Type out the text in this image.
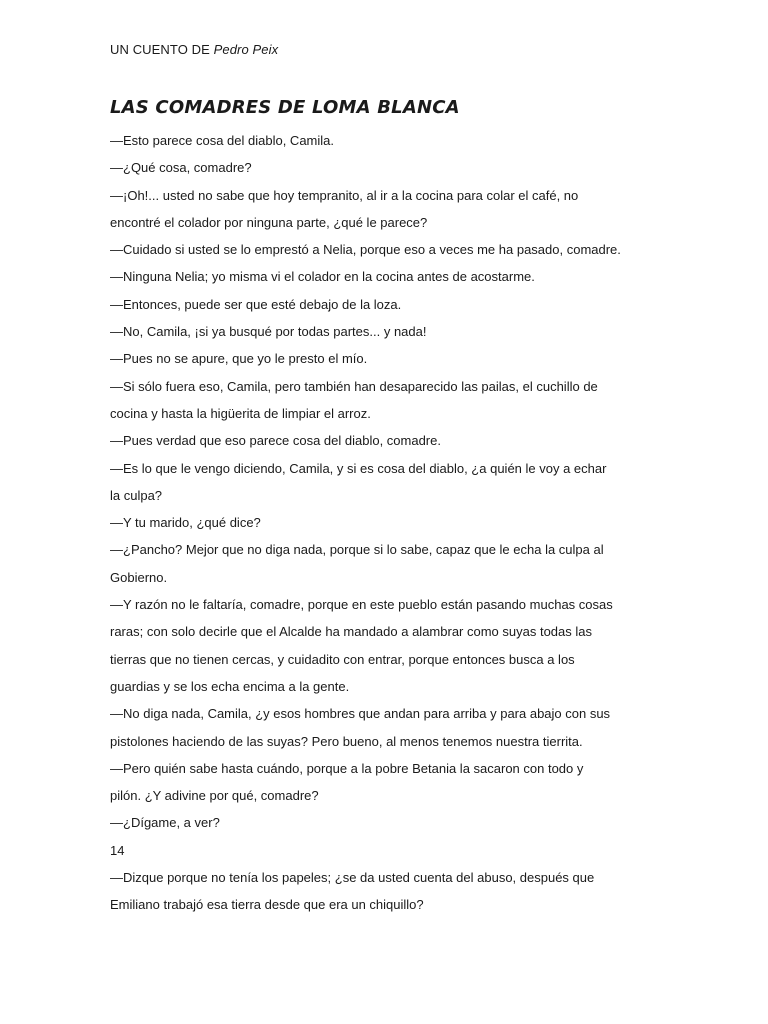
UN CUENTO DE Pedro Peix
LAS COMADRES DE LOMA BLANCA
—Esto parece cosa del diablo, Camila.
—¿Qué cosa, comadre?
—¡Oh!... usted no sabe que hoy tempranito, al ir a la cocina para colar el café, no
encontré el colador por ninguna parte, ¿qué le parece?
—Cuidado si usted se lo emprestó a Nelia, porque eso a veces me ha pasado, comadre.
—Ninguna Nelia; yo misma vi el colador en la cocina antes de acostarme.
—Entonces, puede ser que esté debajo de la loza.
—No, Camila, ¡si ya busqué por todas partes... y nada!
—Pues no se apure, que yo le presto el mío.
—Si sólo fuera eso, Camila, pero también han desaparecido las pailas, el cuchillo de
cocina y hasta la higüerita de limpiar el arroz.
—Pues verdad que eso parece cosa del diablo, comadre.
—Es lo que le vengo diciendo, Camila, y si es cosa del diablo, ¿a quién le voy a echar
la culpa?
—Y tu marido, ¿qué dice?
—¿Pancho? Mejor que no diga nada, porque si lo sabe, capaz que le echa la culpa al
Gobierno.
—Y razón no le faltaría, comadre, porque en este pueblo están pasando muchas cosas
raras; con solo decirle que el Alcalde ha mandado a alambrar como suyas todas las
tierras que no tienen cercas, y cuidadito con entrar, porque entonces busca a los
guardias y se los echa encima a la gente.
—No diga nada, Camila, ¿y esos hombres que andan para arriba y para abajo con sus
pistolones haciendo de las suyas? Pero bueno, al menos tenemos nuestra tierrita.
—Pero quién sabe hasta cuándo, porque a la pobre Betania la sacaron con todo y
pilón. ¿Y adivine por qué, comadre?
—¿Dígame, a ver?
14
—Dizque porque no tenía los papeles; ¿se da usted cuenta del abuso, después que
Emiliano trabajó esa tierra desde que era un chiquillo?
